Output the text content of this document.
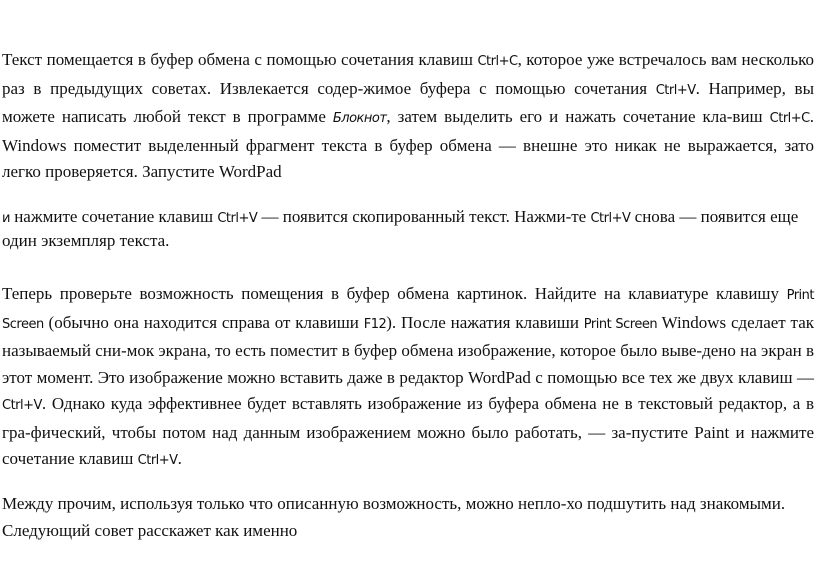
Текст помещается в буфер обмена с помощью сочетания клавиш Ctrl+C, которое уже встречалось вам несколько раз в предыдущих советах. Извлекается содер-жимое буфера с помощью сочетания Ctrl+V. Например, вы можете написать любой текст в программе Блокнот, затем выделить его и нажать сочетание кла-виш Ctrl+C. Windows поместит выделенный фрагмент текста в буфер обмена — внешне это никак не выражается, зато легко проверяется. Запустите WordPad

и нажмите сочетание клавиш Ctrl+V — появится скопированный текст. Нажми-те Ctrl+V снова — появится еще один экземпляр текста.

Теперь проверьте возможность помещения в буфер обмена картинок. Найдите на клавиатуре клавишу Print Screen (обычно она находится справа от клавиши F12). После нажатия клавиши Print Screen Windows сделает так называемый сни-мок экрана, то есть поместит в буфер обмена изображение, которое было выве-дено на экран в этот момент. Это изображение можно вставить даже в редактор WordPad с помощью все тех же двух клавиш — Ctrl+V. Однако куда эффективнее будет вставлять изображение из буфера обмена не в текстовый редактор, а в гра-фический, чтобы потом над данным изображением можно было работать, — за-пустите Paint и нажмите сочетание клавиш Ctrl+V.

Между прочим, используя только что описанную возможность, можно непло-хо подшутить над знакомыми. Следующий совет расскажет как именно
